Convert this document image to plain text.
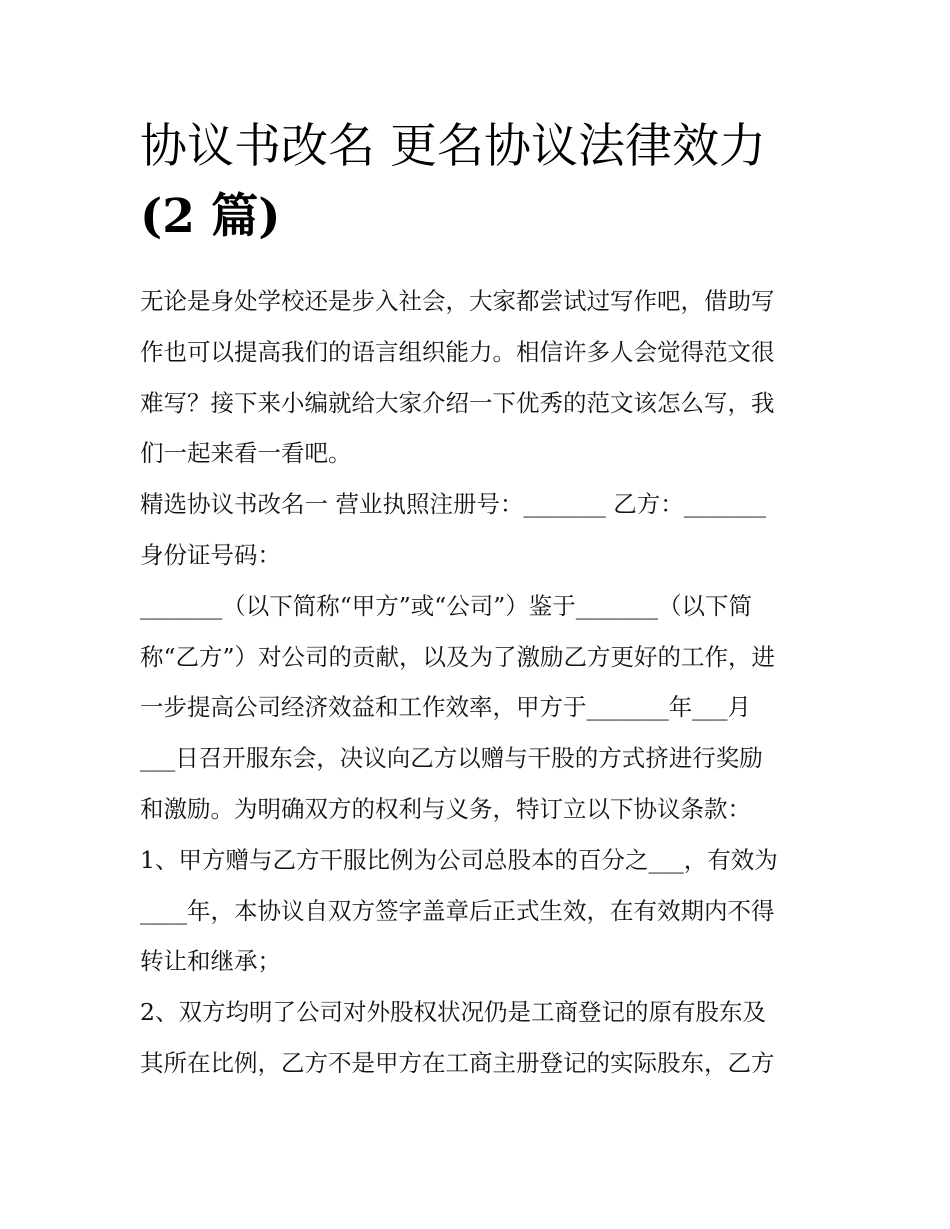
协议书改名 更名协议法律效力
(2 篇)
无论是身处学校还是步入社会，大家都尝试过写作吧，借助写
作也可以提高我们的语言组织能力。相信许多人会觉得范文很
难写？接下来小编就给大家介绍一下优秀的范文该怎么写，我
们一起来看一看吧。
精选协议书改名一 营业执照注册号：_______ 乙方：_______
身份证号码：
_______（以下简称“甲方”或“公司”）鉴于_______（以下简
称“乙方”）对公司的贡献，以及为了激励乙方更好的工作，进
一步提高公司经济效益和工作效率，甲方于_______年___月
___日召开服东会，决议向乙方以赠与干股的方式挤进行奖励
和激励。为明确双方的权利与义务，特订立以下协议条款：
1、甲方赠与乙方干服比例为公司总股本的百分之___，有效为
____年，本协议自双方签字盖章后正式生效，在有效期内不得
转让和继承；
2、双方均明了公司对外股权状况仍是工商登记的原有股东及
其所在比例，乙方不是甲方在工商主册登记的实际股东，乙方
